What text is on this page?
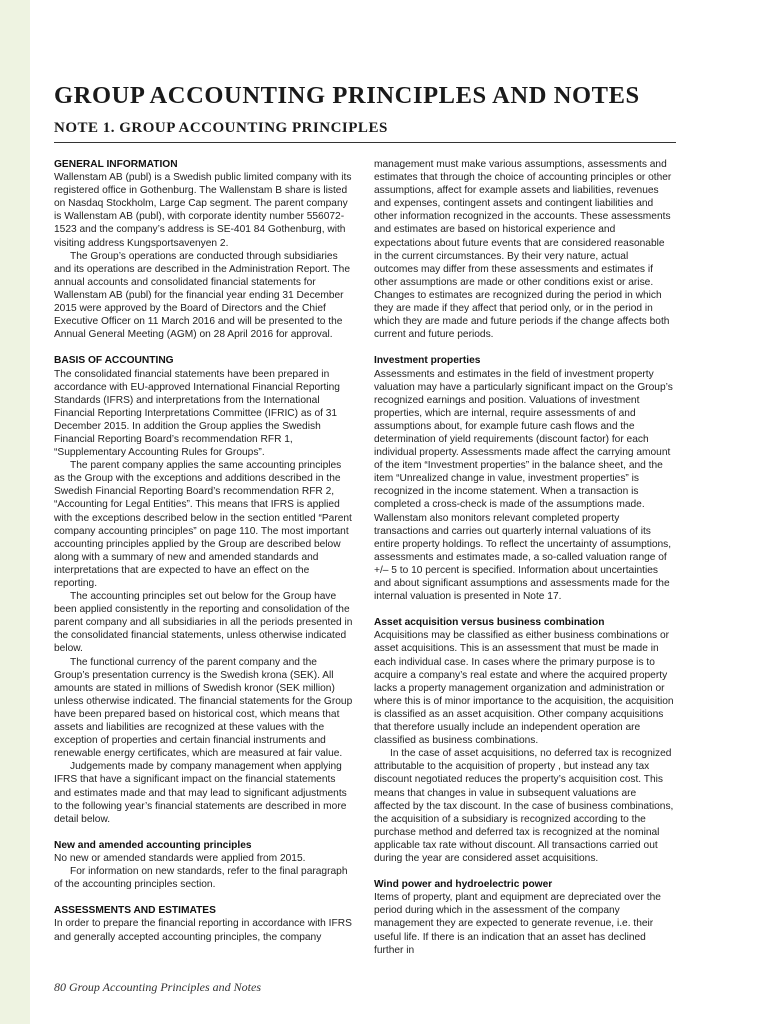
GROUP ACCOUNTING PRINCIPLES AND NOTES
NOTE 1. GROUP ACCOUNTING PRINCIPLES
GENERAL INFORMATION

Wallenstam AB (publ) is a Swedish public limited company with its registered office in Gothenburg. The Wallenstam B share is listed on Nasdaq Stockholm, Large Cap segment. The parent company is Wallenstam AB (publ), with corporate identity number 556072-1523 and the company’s address is SE-401 84 Gothenburg, with visiting address Kungsportsavenyen 2.

The Group’s operations are conducted through subsidiaries and its operations are described in the Administration Report. The annual accounts and consolidated financial statements for Wallenstam AB (publ) for the financial year ending 31 December 2015 were approved by the Board of Directors and the Chief Executive Officer on 11 March 2016 and will be presented to the Annual General Meeting (AGM) on 28 April 2016 for approval.

BASIS OF ACCOUNTING

The consolidated financial statements have been prepared in accordance with EU-approved International Financial Reporting Standards (IFRS) and interpretations from the International Financial Reporting Interpretations Committee (IFRIC) as of 31 December 2015. In addition the Group applies the Swedish Financial Reporting Board’s recommendation RFR 1, “Supplementary Accounting Rules for Groups”.

The parent company applies the same accounting principles as the Group with the exceptions and additions described in the Swedish Financial Reporting Board’s recommendation RFR 2, “Accounting for Legal Entities”. This means that IFRS is applied with the exceptions described below in the section entitled “Parent company accounting principles” on page 110. The most important accounting principles applied by the Group are described below along with a summary of new and amended standards and interpretations that are expected to have an effect on the reporting.

The accounting principles set out below for the Group have been applied consistently in the reporting and consolidation of the parent company and all subsidiaries in all the periods presented in the consolidated financial statements, unless otherwise indicated below.

The functional currency of the parent company and the Group’s presentation currency is the Swedish krona (SEK). All amounts are stated in millions of Swedish kronor (SEK million) unless otherwise indicated. The financial statements for the Group have been prepared based on historical cost, which means that assets and liabilities are recognized at these values with the exception of properties and certain financial instruments and renewable energy certificates, which are measured at fair value.

Judgements made by company management when applying IFRS that have a significant impact on the financial statements and estimates made and that may lead to significant adjustments to the following year’s financial statements are described in more detail below.

New and amended accounting principles

No new or amended standards were applied from 2015.

For information on new standards, refer to the final paragraph of the accounting principles section.

ASSESSMENTS AND ESTIMATES

In order to prepare the financial reporting in accordance with IFRS and generally accepted accounting principles, the company

management must make various assumptions, assessments and estimates that through the choice of accounting principles or other assumptions, affect for example assets and liabilities, revenues and expenses, contingent assets and contingent liabilities and other information recognized in the accounts. These assessments and estimates are based on historical experience and expectations about future events that are considered reasonable in the current circumstances. By their very nature, actual outcomes may differ from these assessments and estimates if other assumptions are made or other conditions exist or arise. Changes to estimates are recognized during the period in which they are made if they affect that period only, or in the period in which they are made and future periods if the change affects both current and future periods.

Investment properties

Assessments and estimates in the field of investment property valuation may have a particularly significant impact on the Group’s recognized earnings and position. Valuations of investment properties, which are internal, require assessments of and assumptions about, for example future cash flows and the determination of yield requirements (discount factor) for each individual property. Assessments made affect the carrying amount of the item “Investment properties” in the balance sheet, and the item “Unrealized change in value, investment properties” is recognized in the income statement. When a transaction is completed a cross-check is made of the assumptions made. Wallenstam also monitors relevant completed property transactions and carries out quarterly internal valuations of its entire property holdings. To reflect the uncertainty of assumptions, assessments and estimates made, a so-called valuation range of +/– 5 to 10 percent is specified. Information about uncertainties and about significant assumptions and assessments made for the internal valuation is presented in Note 17.

Asset acquisition versus business combination

Acquisitions may be classified as either business combinations or asset acquisitions. This is an assessment that must be made in each individual case. In cases where the primary purpose is to acquire a company’s real estate and where the acquired property lacks a property management organization and administration or where this is of minor importance to the acquisition, the acquisition is classified as an asset acquisition. Other company acquisitions that therefore usually include an independent operation are classified as business combinations.

In the case of asset acquisitions, no deferred tax is recognized attributable to the acquisition of property , but instead any tax discount negotiated reduces the property’s acquisition cost. This means that changes in value in subsequent valuations are affected by the tax discount. In the case of business combinations, the acquisition of a subsidiary is recognized according to the purchase method and deferred tax is recognized at the nominal applicable tax rate without discount. All transactions carried out during the year are considered asset acquisitions.

Wind power and hydroelectric power

Items of property, plant and equipment are depreciated over the period during which in the assessment of the company management they are expected to generate revenue, i.e. their useful life. If there is an indication that an asset has declined further in

80 Group Accounting Principles and Notes
